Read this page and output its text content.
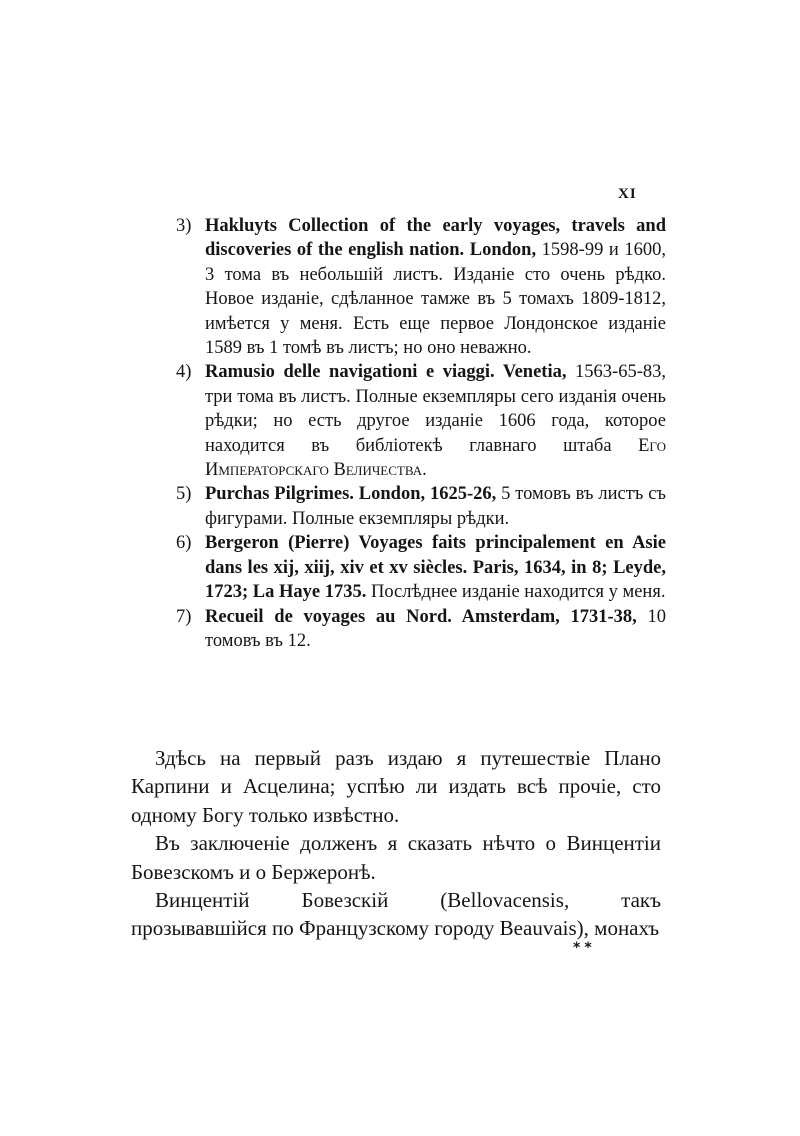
XI
3) Hakluyts Collection of the early voyages, travels and discoveries of the english nation. London, 1598-99 и 1600, 3 тома въ небольшій листъ. Изданіе сто очень рѣдко. Новое изданіе, сдѣланное тамже въ 5 томахъ 1809-1812, имѣется у меня. Есть еще первое Лондонское изданіе 1589 въ 1 томѣ въ листъ; но оно неважно.
4) Ramusio delle navigationi e viaggi. Venetia, 1563-65-83, три тома въ листъ. Полные екземпляры сего изданія очень рѣдки; но есть другое изданіе 1606 года, которое находится въ библіотекѣ главнаго штаба Его Императорскаго Величества.
5) Purchas Pilgrimes. London, 1625-26, 5 томовъ въ листъ съ фигурами. Полные екземпляры рѣдки.
6) Bergeron (Pierre) Voyages faits principalement en Asie dans les xij, xiij, xiv et xv siècles. Paris, 1634, in 8; Leyde, 1723; La Haye 1735. Послѣднее изданіе находится у меня.
7) Recueil de voyages au Nord. Amsterdam, 1731-38, 10 томовъ въ 12.

Здѣсь на первый разъ издаю я путешествіе Плано Карпини и Асцелина; успѣю ли издать всѣ прочіе, сто одному Богу только извѣстно.

Въ заключеніе долженъ я сказать нѣчто о Винцентіи Бовезскомъ и о Бержеронѣ.

Винцентій Бовезскій (Bellovacensis, такъ прозывавшійся по Французскому городу Beauvais), монахъ

**
